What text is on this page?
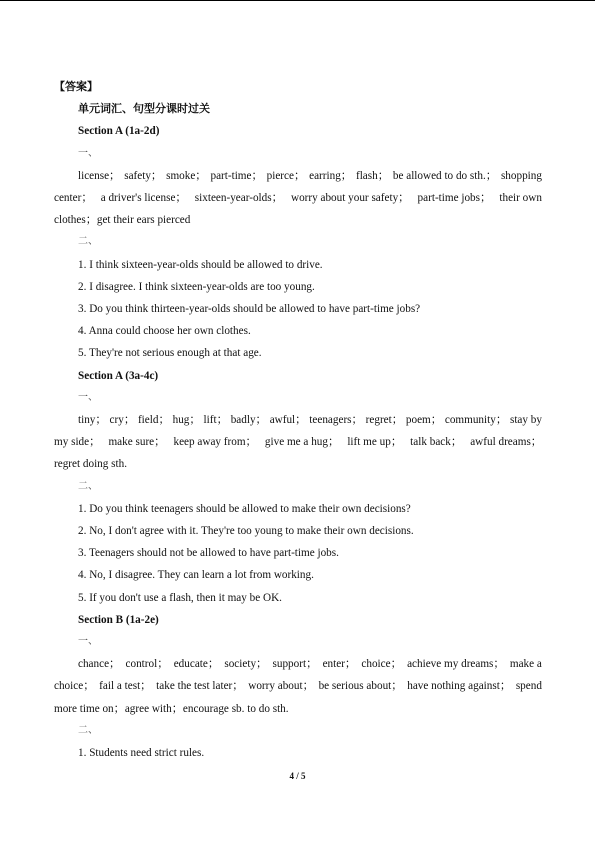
【答案】
单元词汇、句型分课时过关
Section A (1a-2d)
一、
license； safety； smoke； part-time； pierce； earring； flash； be allowed to do sth.； shopping
center； a driver's license； sixteen-year-olds； worry about your safety； part-time jobs； their own
clothes；get their ears pierced
二、
1. I think sixteen-year-olds should be allowed to drive.
2. I disagree. I think sixteen-year-olds are too young.
3. Do you think thirteen-year-olds should be allowed to have part-time jobs?
4. Anna could choose her own clothes.
5. They're not serious enough at that age.
Section A (3a-4c)
一、
tiny； cry； field； hug； lift； badly； awful； teenagers； regret； poem； community； stay by
my side； make sure； keep away from； give me a hug； lift me up； talk back； awful dreams；
regret doing sth.
二、
1. Do you think teenagers should be allowed to make their own decisions?
2. No, I don't agree with it. They're too young to make their own decisions.
3. Teenagers should not be allowed to have part-time jobs.
4. No, I disagree. They can learn a lot from working.
5. If you don't use a flash, then it may be OK.
Section B (1a-2e)
一、
chance； control； educate； society； support； enter； choice； achieve my dreams； make a
choice； fail a test； take the test later； worry about； be serious about； have nothing against； spend
more time on；agree with；encourage sb. to do sth.
二、
1. Students need strict rules.
4 / 5
